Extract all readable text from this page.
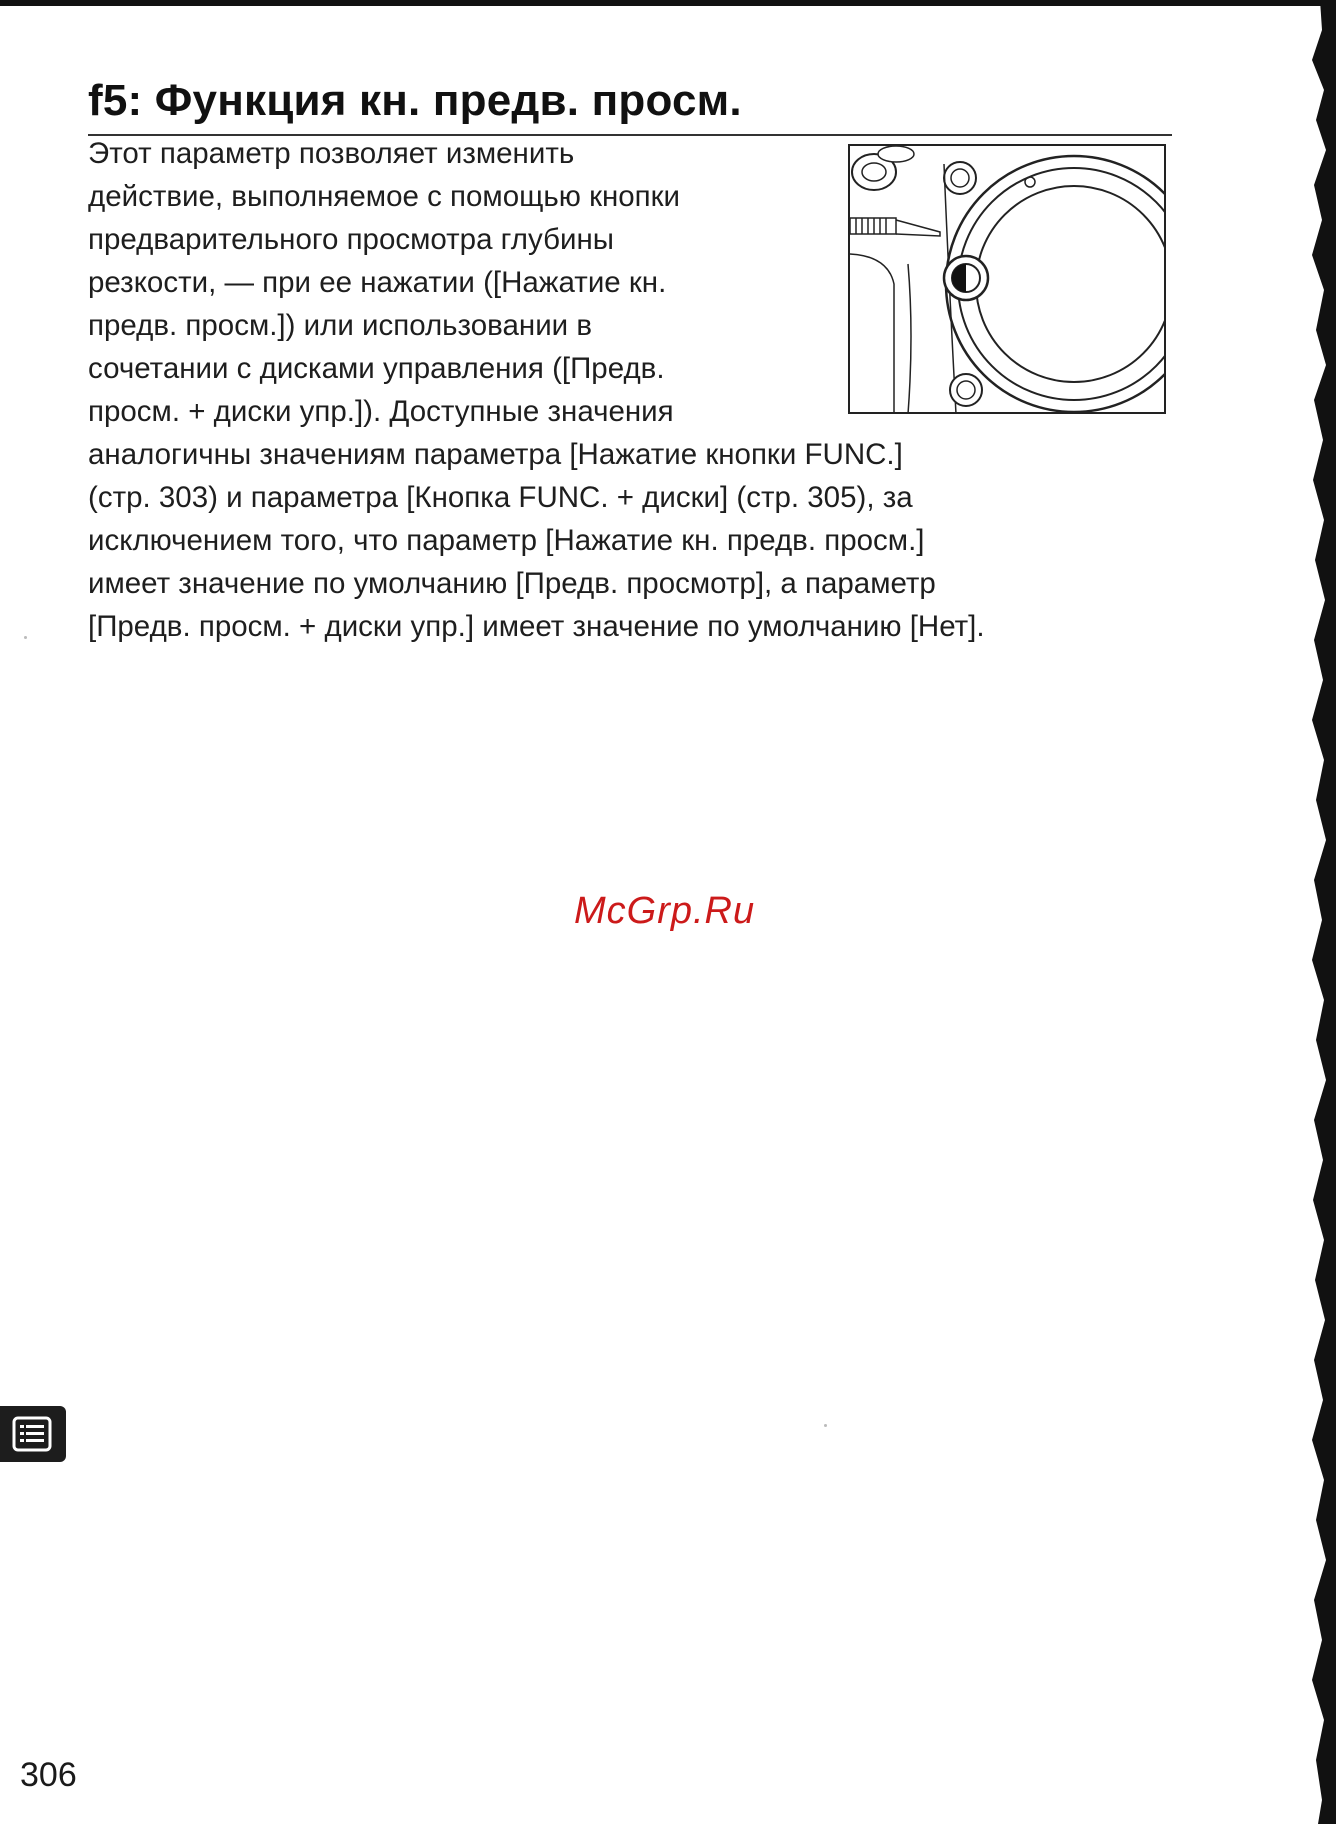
f5: Функция кн. предв. просм.

Этот параметр позволяет изменить
действие, выполняемое с помощью кнопки
предварительного просмотра глубины
резкости, — при ее нажатии ([Нажатие кн.
предв. просм.]) или использовании в
сочетании с дисками управления ([Предв.
просм. + диски упр.]). Доступные значения

аналогичны значениям параметра [Нажатие кнопки FUNC.]
(стр. 303) и параметра [Кнопка FUNC. + диски] (стр. 305), за
исключением того, что параметр [Нажатие кн. предв. просм.]
имеет значение по умолчанию [Предв. просмотр], а параметр
[Предв. просм. + диски упр.] имеет значение по умолчанию [Нет].

McGrp.Ru
306
